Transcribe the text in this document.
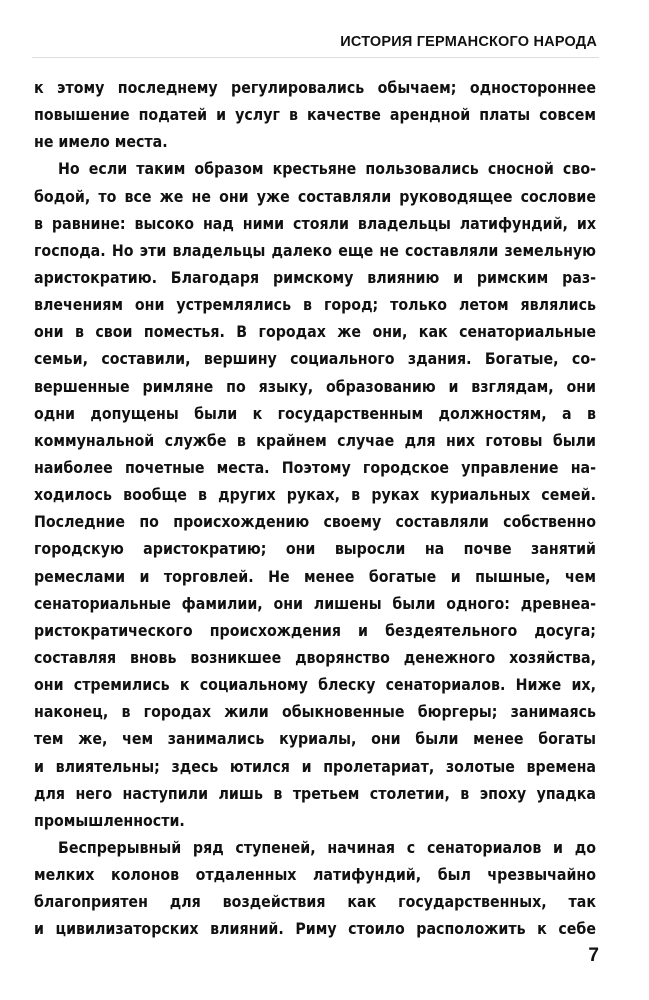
ИСТОРИЯ ГЕРМАНСКОГО НАРОДА

к этому последнему регулировались обычаем; одностороннее
повышение податей и услуг в качестве арендной платы совсем
не имело места.

Но если таким образом крестьяне пользовались сносной сво-
бодой, то все же не они уже составляли руководящее сословие
в равнине: высоко над ними стояли владельцы латифундий, их
господа. Но эти владельцы далеко еще не составляли земельную
аристократию. Благодаря римскому влиянию и римским раз-
влечениям они устремлялись в город; только летом являлись
они в свои поместья. В городах же они, как сенаториальные
семьи, составили, вершину социального здания. Богатые, со-
вершенные римляне по языку, образованию и взглядам, они
одни допущены были к государственным должностям, а в
коммунальной службе в крайнем случае для них готовы были
наиболее почетные места. Поэтому городское управление на-
ходилось вообще в других руках, в руках куриальных семей.
Последние по происхождению своему составляли собственно
городскую аристократию; они выросли на почве занятий
ремеслами и торговлей. Не менее богатые и пышные, чем
сенаториальные фамилии, они лишены были одного: древнеа-
ристократического происхождения и бездеятельного досуга;
составляя вновь возникшее дворянство денежного хозяйства,
они стремились к социальному блеску сенаториалов. Ниже их,
наконец, в городах жили обыкновенные бюргеры; занимаясь
тем же, чем занимались куриалы, они были менее богаты
и влиятельны; здесь ютился и пролетариат, золотые времена
для него наступили лишь в третьем столетии, в эпоху упадка
промышленности.

Беспрерывный ряд ступеней, начиная с сенаториалов и до
мелких колонов отдаленных латифундий, был чрезвычайно
благоприятен для воздействия как государственных, так
и цивилизаторских влияний. Риму стоило расположить к себе

7
